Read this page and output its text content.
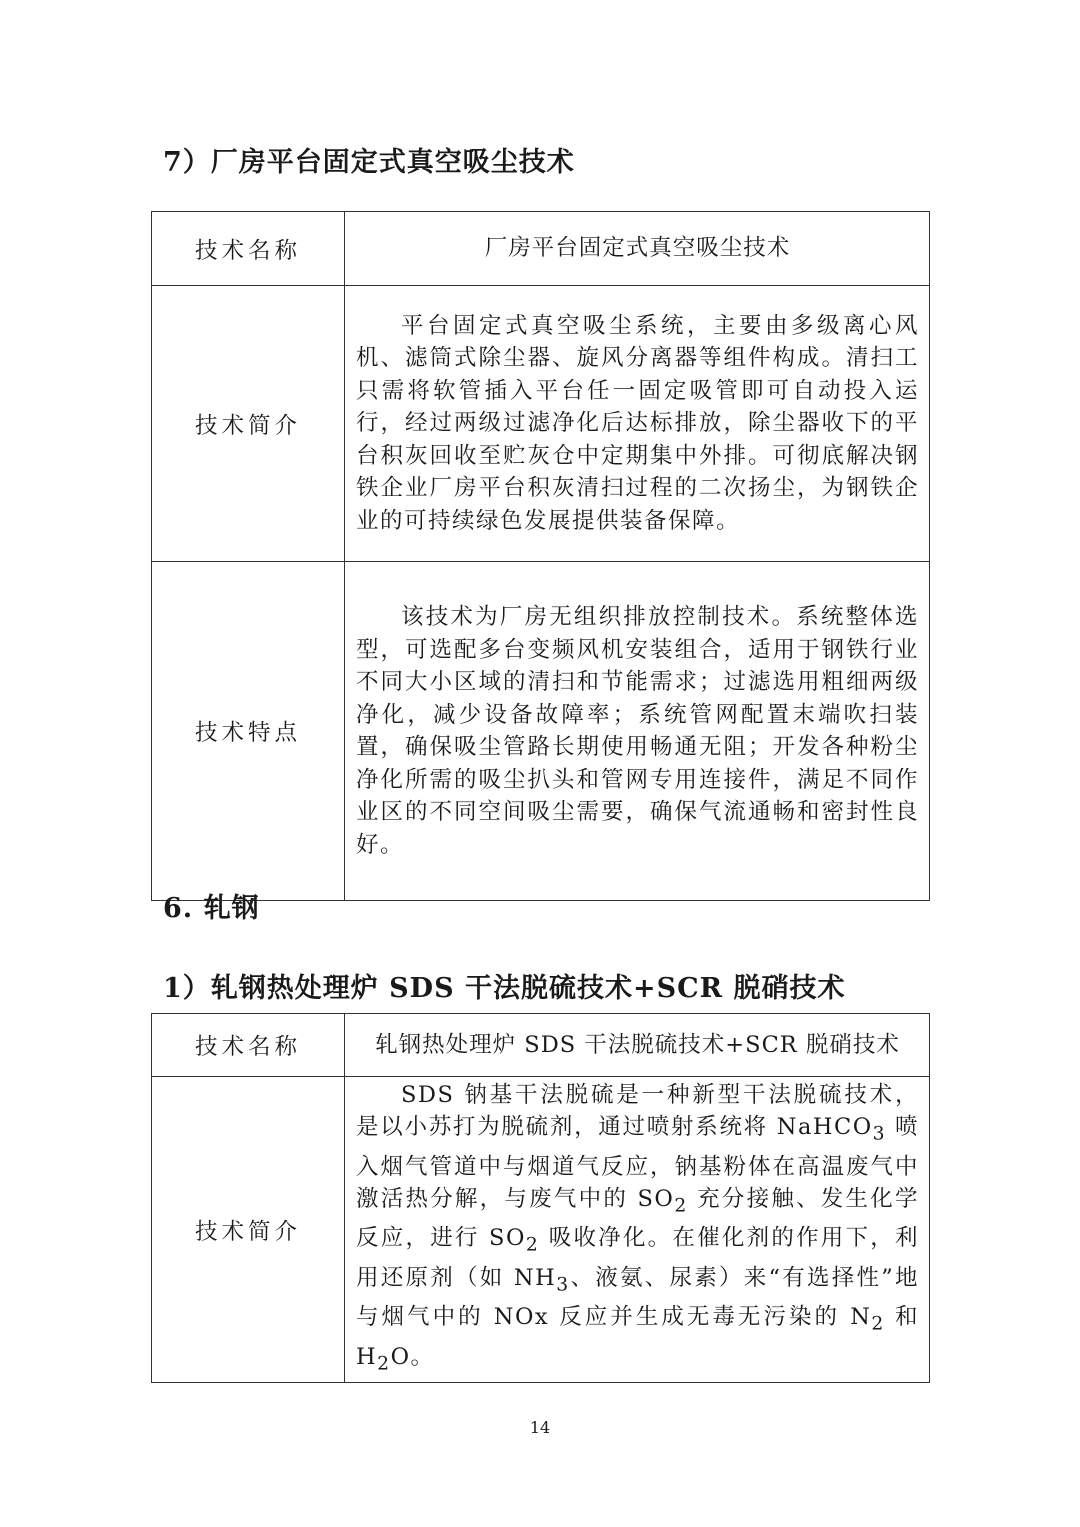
7）厂房平台固定式真空吸尘技术
技术名称	厂房平台固定式真空吸尘技术
技术简介	平台固定式真空吸尘系统，主要由多级离心风机、滤筒式除尘器、旋风分离器等组件构成。清扫工只需将软管插入平台任一固定吸管即可自动投入运行，经过两级过滤净化后达标排放，除尘器收下的平台积灰回收至贮灰仓中定期集中外排。可彻底解决钢铁企业厂房平台积灰清扫过程的二次扬尘，为钢铁企业的可持续绿色发展提供装备保障。
技术特点	该技术为厂房无组织排放控制技术。系统整体选型，可选配多台变频风机安装组合，适用于钢铁行业不同大小区域的清扫和节能需求；过滤选用粗细两级净化，减少设备故障率；系统管网配置末端吹扫装置，确保吸尘管路长期使用畅通无阻；开发各种粉尘净化所需的吸尘扒头和管网专用连接件，满足不同作业区的不同空间吸尘需要，确保气流通畅和密封性良好。
6. 轧钢
1）轧钢热处理炉 SDS 干法脱硫技术+SCR 脱硝技术
技术名称	轧钢热处理炉 SDS 干法脱硫技术+SCR 脱硝技术
技术简介	SDS 钠基干法脱硫是一种新型干法脱硫技术，是以小苏打为脱硫剂，通过喷射系统将 NaHCO$_3$ 喷入烟气管道中与烟道气反应，钠基粉体在高温废气中激活热分解，与废气中的 $SO_2$ 充分接触、发生化学反应，进行 $SO_2$ 吸收净化。在催化剂的作用下，利用还原剂（如 $NH_3$、液氨、尿素）来“有选择性”地与烟气中的 NOx 反应并生成无毒无污染的 $N_2$ 和 $H_2O$。
14
